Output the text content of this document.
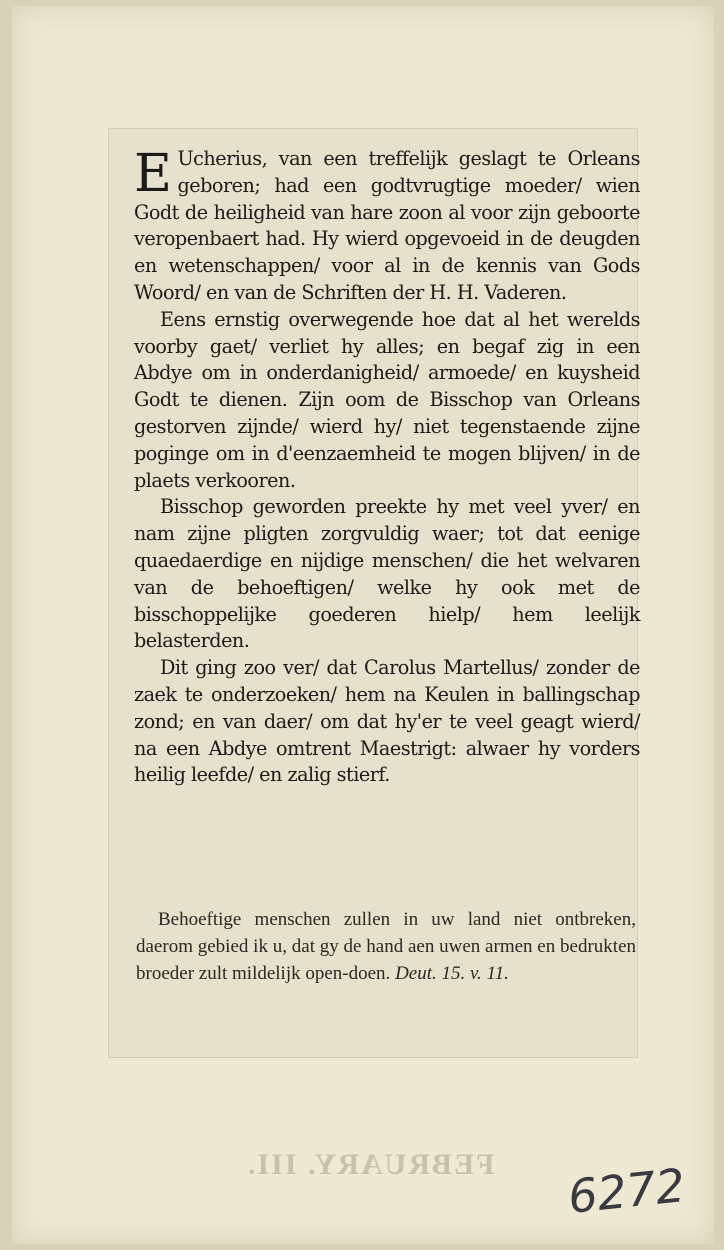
E Ucherius, van een treffelijk geslagt te Orleans geboren; had een godtvrugtige moeder/ wien Godt de heiligheid van hare zoon al voor zijn geboorte veropenbaert had. Hy wierd opgevoeid in de deugden en wetenschappen/ voor al in de kennis van Gods Woord/ en van de Schriften der H. H. Vaderen.

Eens ernstig overwegende hoe dat al het werelds voorby gaet/ verliet hy alles; en begaf zig in een Abdye om in onderdanigheid/ armoede/ en kuysheid Godt te dienen. Zijn oom de Bisschop van Orleans gestorven zijnde/ wierd hy/ niet tegenstaende zijne poginge om in d'eenzaemheid te mogen blijven/ in de plaets verkooren.

Bisschop geworden preekte hy met veel yver/ en nam zijne pligten zorgvuldig waer; tot dat eenige quaedaerdige en nijdige menschen/ die het welvaren van de behoeftigen/ welke hy ook met de bisschoppelijke goederen hielp/ hem leelijk belasterden.

Dit ging zoo ver/ dat Carolus Martellus/ zonder de zaek te onderzoeken/ hem na Keulen in ballingschap zond; en van daer/ om dat hy'er te veel geagt wierd/ na een Abdye omtrent Maestrigt: alwaer hy vorders heilig leefde/ en zalig stierf.

Behoeftige menschen zullen in uw land niet ontbreken, daerom gebied ik u, dat gy de hand aen uwen armen en bedrukten broeder zult mildelijk open-doen. Deut. 15. v. 11.

FEBRUARY. III. 6272
